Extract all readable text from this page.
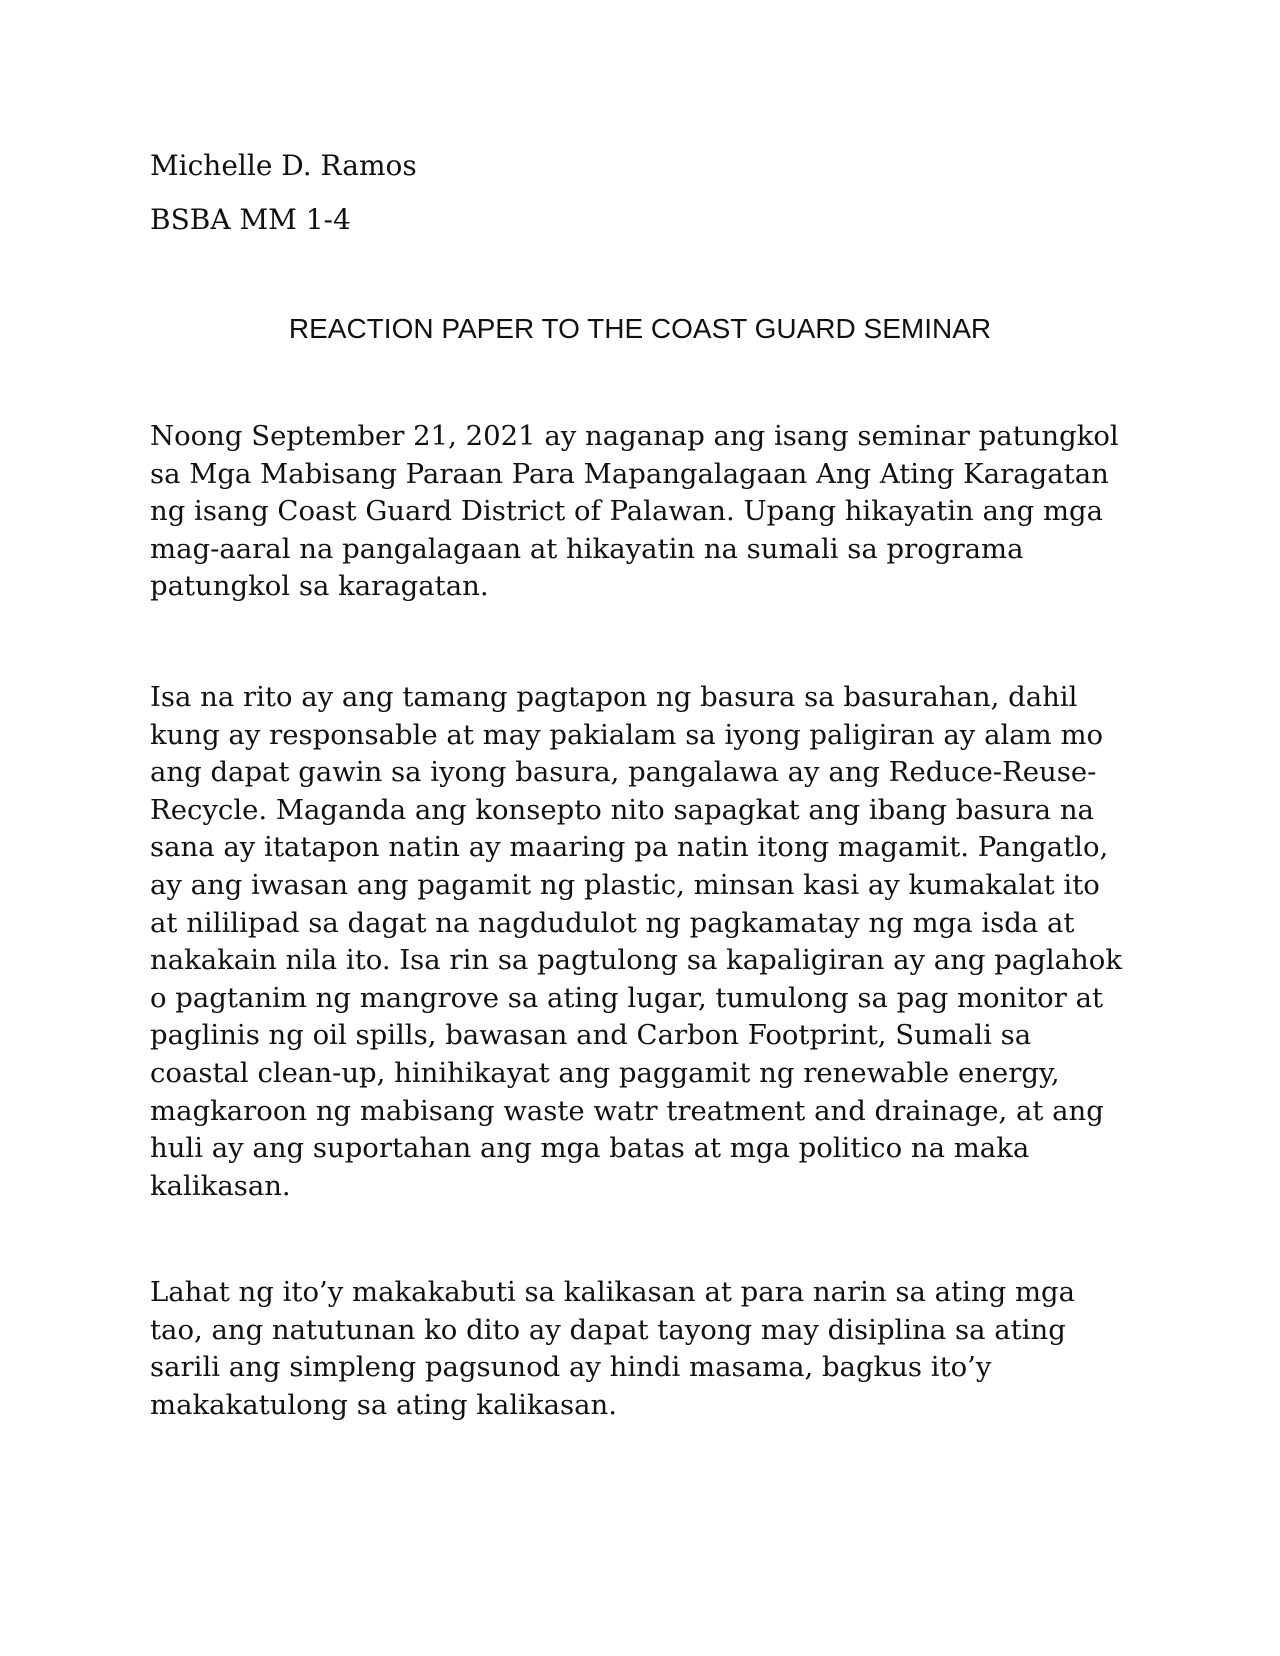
Michelle D. Ramos
BSBA MM 1-4
REACTION PAPER TO THE COAST GUARD SEMINAR

Noong September 21, 2021 ay naganap ang isang seminar patungkol sa Mga Mabisang Paraan Para Mapangalagaan Ang Ating Karagatan ng isang Coast Guard District of Palawan. Upang hikayatin ang mga mag-aaral na pangalagaan at hikayatin na sumali sa programa patungkol sa karagatan.

Isa na rito ay ang tamang pagtapon ng basura sa basurahan, dahil kung ay responsable at may pakialam sa iyong paligiran ay alam mo ang dapat gawin sa iyong basura, pangalawa ay ang Reduce-Reuse- Recycle. Maganda ang konsepto nito sapagkat ang ibang basura na sana ay itatapon natin ay maaring pa natin itong magamit. Pangatlo, ay ang iwasan ang pagamit ng plastic, minsan kasi ay kumakalat ito at nililipad sa dagat na nagdudulot ng pagkamatay ng mga isda at nakakain nila ito. Isa rin sa pagtulong sa kapaligiran ay ang paglahok o pagtanim ng mangrove sa ating lugar, tumulong sa pag monitor at paglinis ng oil spills, bawasan and Carbon Footprint, Sumali sa coastal clean-up, hinihikayat ang paggamit ng renewable energy, magkaroon ng mabisang waste watr treatment and drainage, at ang huli ay ang suportahan ang mga batas at mga politico na maka kalikasan.

Lahat ng ito’y makakabuti sa kalikasan at para narin sa ating mga tao, ang natutunan ko dito ay dapat tayong may disiplina sa ating sarili ang simpleng pagsunod ay hindi masama, bagkus ito’y makakatulong sa ating kalikasan.
